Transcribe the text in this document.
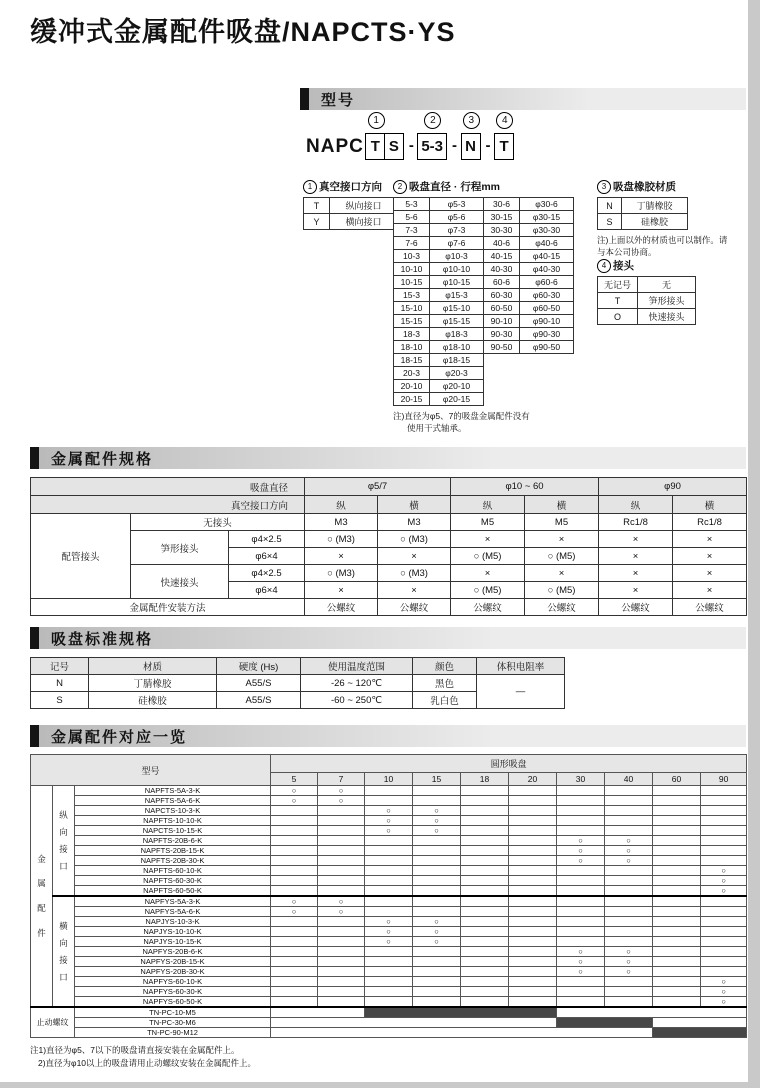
缓冲式金属配件吸盘/NAPCTS·YS
型号
NAPC
1
T S -
2
5-3 -
3
N -
4
T
1 真空接口方向
T	纵向接口
Y	横向接口
2 吸盘直径 · 行程mm
5-3	φ5-3	30-6	φ30-6
5-6	φ5-6	30-15	φ30-15
7-3	φ7-3	30-30	φ30-30
7-6	φ7-6	40-6	φ40-6
10-3	φ10-3	40-15	φ40-15
10-10	φ10-10	40-30	φ40-30
10-15	φ10-15	60-6	φ60-6
15-3	φ15-3	60-30	φ60-30
15-10	φ15-10	60-50	φ60-50
15-15	φ15-15	90-10	φ90-10
18-3	φ18-3	90-30	φ90-30
18-10	φ18-10	90-50	φ90-50
18-15	φ18-15		
20-3	φ20-3		
20-10	φ20-10		
20-15	φ20-15		
注)直径为φ5、7的吸盘金属配件没有
使用干式轴承。
3 吸盘橡胶材质
N	丁腈橡胶
S	硅橡胶
注)上面以外的材质也可以制作。请
与本公司协商。
4 接头
无记号	无
T	笋形接头
O	快速接头
金属配件规格
吸盘直径			φ5/7		φ10 ~ 60		φ90	
真空接口方向			纵	横	纵	横	纵	横
配管接头	无接头		M3	M3	M5	M5	Rc1/8	Rc1/8
	笋形接头	φ4×2.5	○ (M3)	○ (M3)	×	×	×	×
		φ6×4	×	×	○ (M5)	○ (M5)	×	×
	快速接头	φ4×2.5	○ (M3)	○ (M3)	×	×	×	×
		φ6×4	×	×	○ (M5)	○ (M5)	×	×
金属配件安装方法			公螺纹	公螺纹	公螺纹	公螺纹	公螺纹	公螺纹
吸盘标准规格
记号	材质	硬度 (Hs)	使用温度范围	颜色	体积电阻率
N	丁腈橡胶	A55/S	-26 ~ 120℃	黑色	—
S	硅橡胶	A55/S	-60 ~ 250℃	乳白色	
金属配件对应一览
型号			圆形吸盘									
			5	7	10	15	18	20	30	40	60	90

金属配件	纵向接口	NAPFTS-5A-3-K	○	○								
		NAPFTS-5A-6-K	○	○								
		NAPCTS-10-3-K			○	○						
		NAPFTS-10-10-K			○	○						
		NAPCTS-10-15-K			○	○						
		NAPFTS-20B-6-K							○	○		
		NAPFTS-20B-15-K							○	○		
		NAPFTS-20B-30-K							○	○		
		NAPFTS-60-10-K										○
		NAPFTS-60-30-K										○
		NAPFTS-60-50-K										○

	横向接口	NAPFYS-5A-3-K	○	○								
		NAPFYS-5A-6-K	○	○								
		NAPJYS-10-3-K			○	○						
		NAPJYS-10-10-K			○	○						
		NAPJYS-10-15-K			○	○						
		NAPFYS-20B-6-K							○	○		
		NAPFYS-20B-15-K							○	○		
		NAPFYS-20B-30-K							○	○		
		NAPFYS-60-10-K										○
		NAPFYS-60-30-K										○
		NAPFYS-60-50-K										○
止动螺纹		TN-PC-10-M5										
		TN-PC-30-M6										
		TN-PC-90-M12										
注1)直径为φ5、7以下的吸盘请直接安装在金属配件上。
2)直径为φ10以上的吸盘请用止动螺纹安装在金属配件上。
